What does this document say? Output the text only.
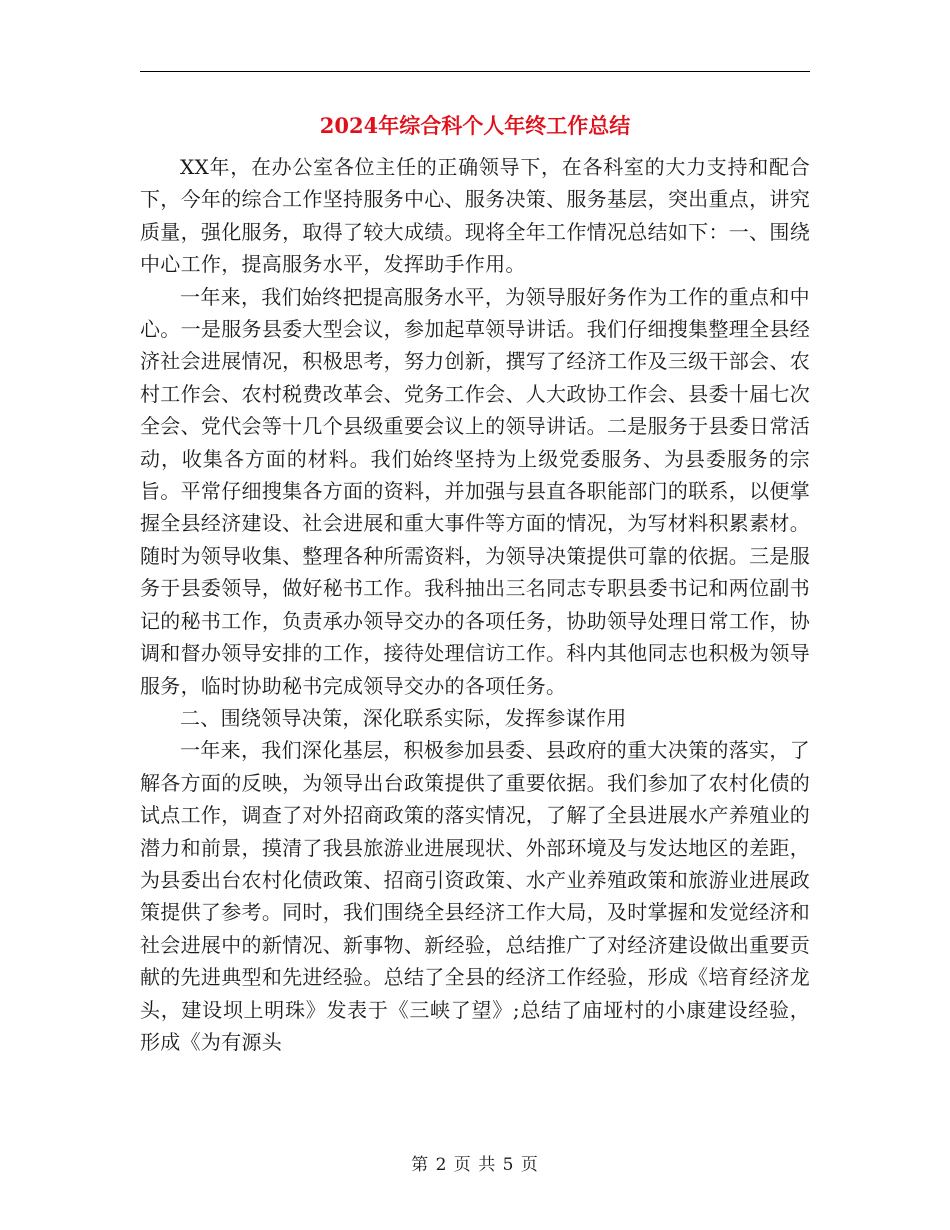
2024年综合科个人年终工作总结

XX年，在办公室各位主任的正确领导下，在各科室的大力支持和配合下，今年的综合工作坚持服务中心、服务决策、服务基层，突出重点，讲究质量，强化服务，取得了较大成绩。现将全年工作情况总结如下：一、围绕中心工作，提高服务水平，发挥助手作用。

一年来，我们始终把提高服务水平，为领导服好务作为工作的重点和中心。一是服务县委大型会议，参加起草领导讲话。我们仔细搜集整理全县经济社会进展情况，积极思考，努力创新，撰写了经济工作及三级干部会、农村工作会、农村税费改革会、党务工作会、人大政协工作会、县委十届七次全会、党代会等十几个县级重要会议上的领导讲话。二是服务于县委日常活动，收集各方面的材料。我们始终坚持为上级党委服务、为县委服务的宗旨。平常仔细搜集各方面的资料，并加强与县直各职能部门的联系，以便掌握全县经济建设、社会进展和重大事件等方面的情况，为写材料积累素材。随时为领导收集、整理各种所需资料，为领导决策提供可靠的依据。三是服务于县委领导，做好秘书工作。我科抽出三名同志专职县委书记和两位副书记的秘书工作，负责承办领导交办的各项任务，协助领导处理日常工作，协调和督办领导安排的工作，接待处理信访工作。科内其他同志也积极为领导服务，临时协助秘书完成领导交办的各项任务。

二、围绕领导决策，深化联系实际，发挥参谋作用

一年来，我们深化基层，积极参加县委、县政府的重大决策的落实，了解各方面的反映，为领导出台政策提供了重要依据。我们参加了农村化债的试点工作，调查了对外招商政策的落实情况，了解了全县进展水产养殖业的潜力和前景，摸清了我县旅游业进展现状、外部环境及与发达地区的差距，为县委出台农村化债政策、招商引资政策、水产业养殖政策和旅游业进展政策提供了参考。同时，我们围绕全县经济工作大局，及时掌握和发觉经济和社会进展中的新情况、新事物、新经验，总结推广了对经济建设做出重要贡献的先进典型和先进经验。总结了全县的经济工作经验，形成《培育经济龙头，建设坝上明珠》发表于《三峡了望》;总结了庙垭村的小康建设经验，形成《为有源头

第 2 页 共 5 页
